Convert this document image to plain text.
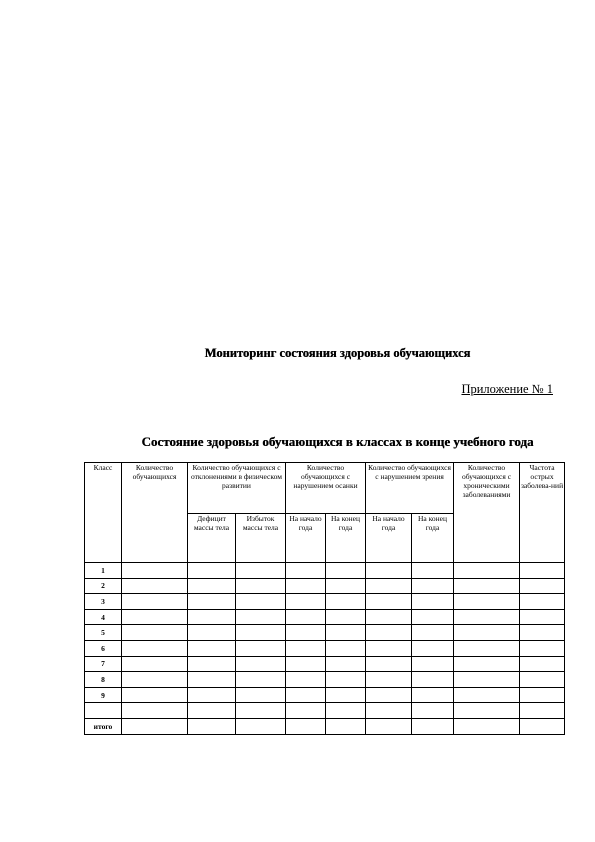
Мониторинг состояния здоровья обучающихся
Приложение № 1
Состояние здоровья обучающихся в классах в конце учебного года
Класс	Количество обучающихся	Количество обучающихся с отклонениями в физическом развитии		Количество обучающихся с нарушением осанки		Количество обучающихся с нарушением зрения		Количество обучающихся с хроническими заболеваниями	Частота острых заболева-ний
		Дефицит массы тела	Избыток массы тела	На начало года	На конец года	На начало года	На конец года		
1									
2									
3									
4									
5									
6									
7									
8									
9									

итого									
